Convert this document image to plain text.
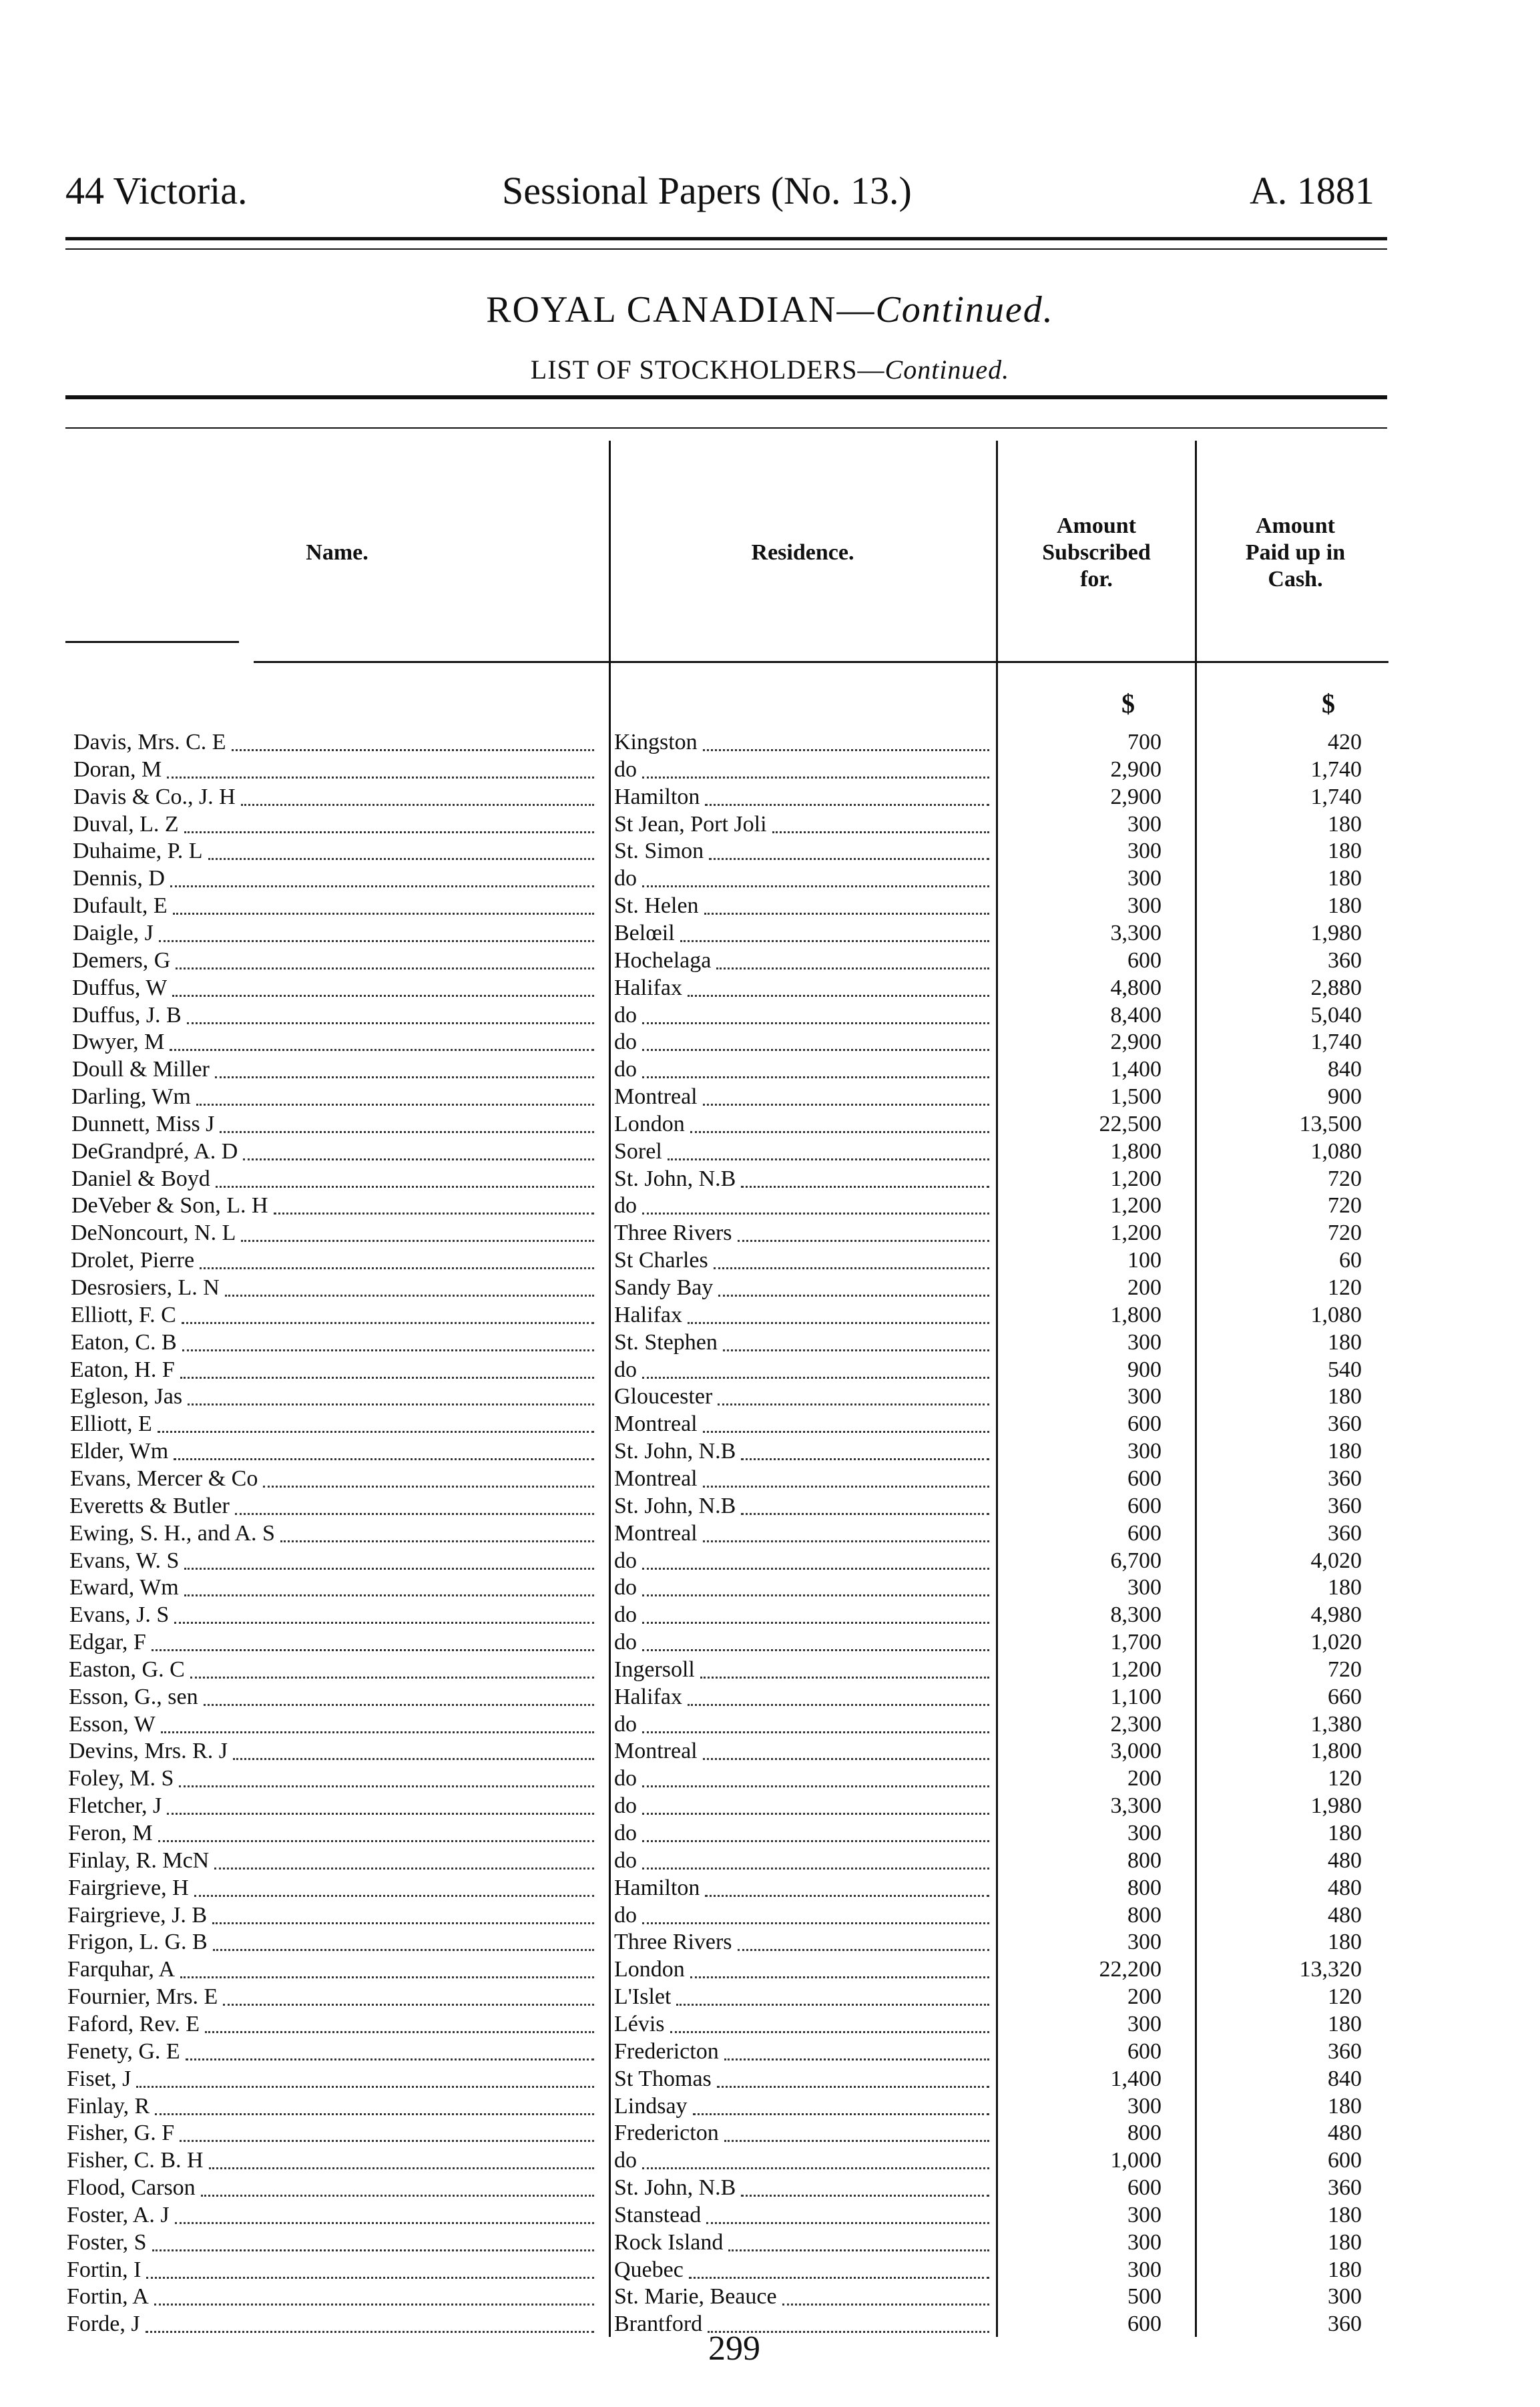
44 Victoria.	Sessional Papers (No. 13.)	A. 1881
ROYAL CANADIAN—Continued.
LIST OF STOCKHOLDERS—Continued.
Name.	Residence.
Amount
Subscribed
for.
Amount
Paid up in
Cash.
$	$
Davis, Mrs. C. E	Kingston	700	420
Doran, M	do	2,900	1,740
Davis & Co., J. H	Hamilton	2,900	1,740
Duval, L. Z	St Jean, Port Joli	300	180
Duhaime, P. L	St. Simon	300	180
Dennis, D	do	300	180
Dufault, E	St. Helen	300	180
Daigle, J	Belœil	3,300	1,980
Demers, G	Hochelaga	600	360
Duffus, W	Halifax	4,800	2,880
Duffus, J. B	do	8,400	5,040
Dwyer, M	do	2,900	1,740
Doull & Miller	do	1,400	840
Darling, Wm	Montreal	1,500	900
Dunnett, Miss J	London	22,500	13,500
DeGrandpré, A. D	Sorel	1,800	1,080
Daniel & Boyd	St. John, N.B	1,200	720
DeVeber & Son, L. H	do	1,200	720
DeNoncourt, N. L	Three Rivers	1,200	720
Drolet, Pierre	St Charles	100	60
Desrosiers, L. N	Sandy Bay	200	120
Elliott, F. C	Halifax	1,800	1,080
Eaton, C. B	St. Stephen	300	180
Eaton, H. F	do	900	540
Egleson, Jas	Gloucester	300	180
Elliott, E	Montreal	600	360
Elder, Wm	St. John, N.B	300	180
Evans, Mercer & Co	Montreal	600	360
Everetts & Butler	St. John, N.B	600	360
Ewing, S. H., and A. S	Montreal	600	360
Evans, W. S	do	6,700	4,020
Eward, Wm	do	300	180
Evans, J. S	do	8,300	4,980
Edgar, F	do	1,700	1,020
Easton, G. C	Ingersoll	1,200	720
Esson, G., sen	Halifax	1,100	660
Esson, W	do	2,300	1,380
Devins, Mrs. R. J	Montreal	3,000	1,800
Foley, M. S	do	200	120
Fletcher, J	do	3,300	1,980
Feron, M	do	300	180
Finlay, R. McN	do	800	480
Fairgrieve, H	Hamilton	800	480
Fairgrieve, J. B	do	800	480
Frigon, L. G. B	Three Rivers	300	180
Farquhar, A	London	22,200	13,320
Fournier, Mrs. E	L'Islet	200	120
Faford, Rev. E	Lévis	300	180
Fenety, G. E	Fredericton	600	360
Fiset, J	St Thomas	1,400	840
Finlay, R	Lindsay	300	180
Fisher, G. F	Fredericton	800	480
Fisher, C. B. H	do	1,000	600
Flood, Carson	St. John, N.B	600	360
Foster, A. J	Stanstead	300	180
Foster, S	Rock Island	300	180
Fortin, I	Quebec	300	180
Fortin, A	St. Marie, Beauce	500	300
Forde, J	Brantford	600	360
299
